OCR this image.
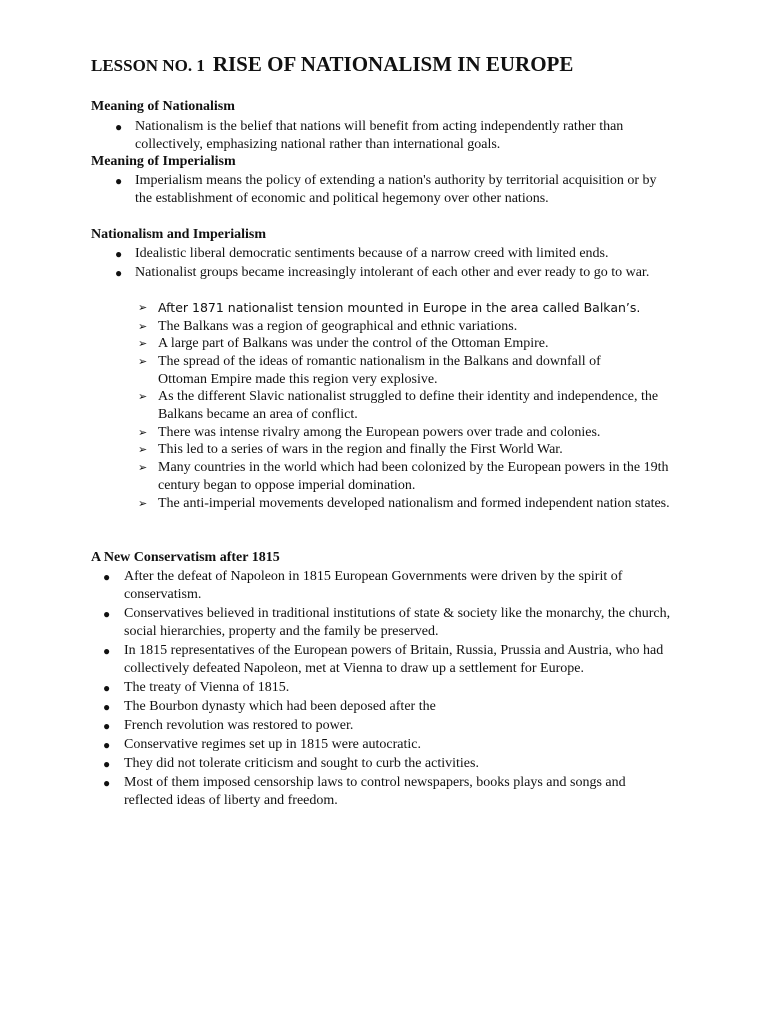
LESSON NO. 1 RISE OF NATIONALISM IN EUROPE
Meaning of Nationalism
● Nationalism is the belief that nations will benefit from acting independently rather than collectively, emphasizing national rather than international goals.
Meaning of Imperialism
● Imperialism means the policy of extending a nation's authority by territorial acquisition or by the establishment of economic and political hegemony over other nations.
Nationalism and Imperialism
● Idealistic liberal democratic sentiments because of a narrow creed with limited ends.
● Nationalist groups became increasingly intolerant of each other and ever ready to go to war.
➢ After 1871 nationalist tension mounted in Europe in the area called Balkan’s.
➢ The Balkans was a region of geographical and ethnic variations.
➢ A large part of Balkans was under the control of the Ottoman Empire.
➢ The spread of the ideas of romantic nationalism in the Balkans and downfall of Ottoman Empire made this region very explosive.
➢ As the different Slavic nationalist struggled to define their identity and independence, the Balkans became an area of conflict.
➢ There was intense rivalry among the European powers over trade and colonies.
➢ This led to a series of wars in the region and finally the First World War.
➢ Many countries in the world which had been colonized by the European powers in the 19th century began to oppose imperial domination.
➢ The anti-imperial movements developed nationalism and formed independent nation states.
A New Conservatism after 1815
● After the defeat of Napoleon in 1815 European Governments were driven by the spirit of conservatism.
● Conservatives believed in traditional institutions of state & society like the monarchy, the church, social hierarchies, property and the family be preserved.
● In 1815 representatives of the European powers of Britain, Russia, Prussia and Austria, who had collectively defeated Napoleon, met at Vienna to draw up a settlement for Europe.
● The treaty of Vienna of 1815.
● The Bourbon dynasty which had been deposed after the
● French revolution was restored to power.
● Conservative regimes set up in 1815 were autocratic.
● They did not tolerate criticism and sought to curb the activities.
● Most of them imposed censorship laws to control newspapers, books plays and songs and reflected ideas of liberty and freedom.
